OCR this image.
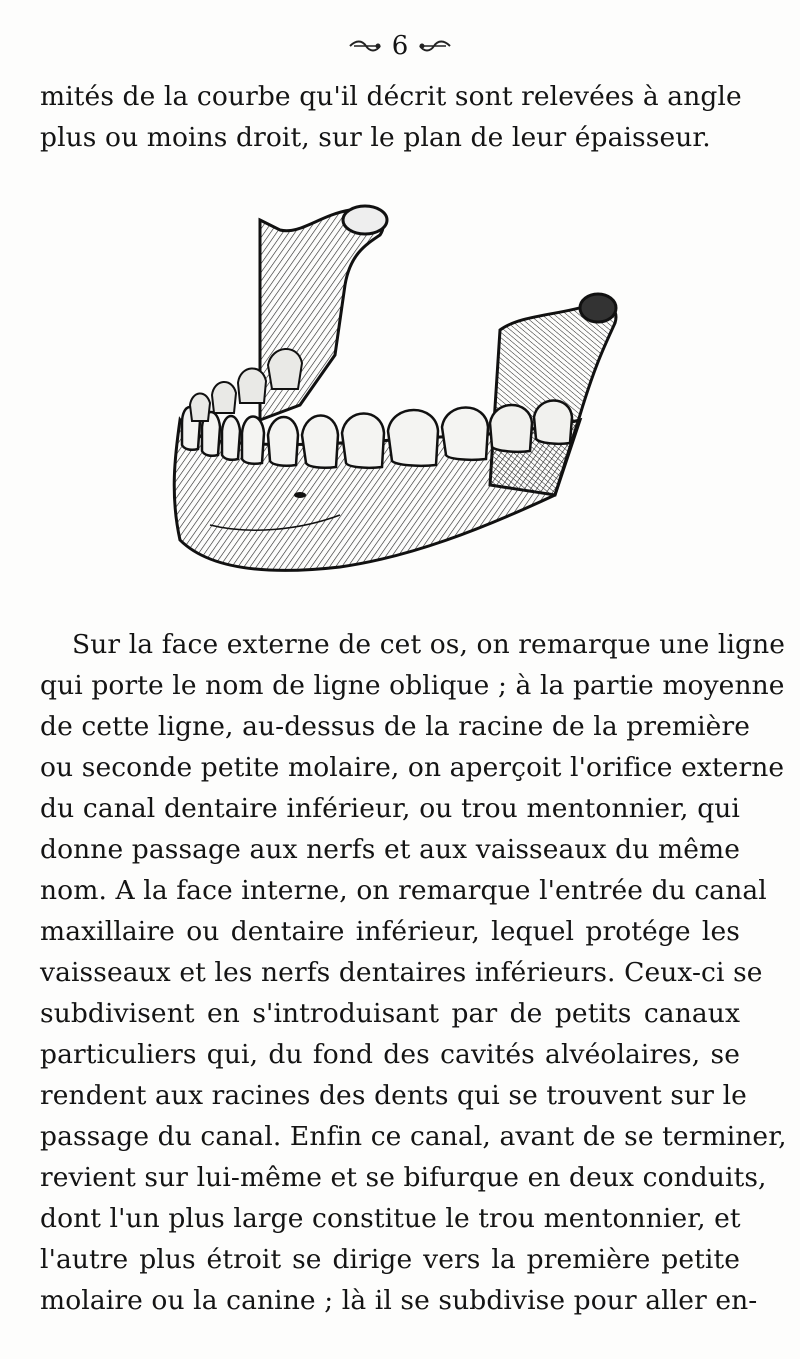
6
mités de la courbe qu'il décrit sont relevées à angle
plus ou moins droit, sur le plan de leur épaisseur.
Sur la face externe de cet os, on remarque une ligne
qui porte le nom de ligne oblique ; à la partie moyenne
de cette ligne, au-dessus de la racine de la première
ou seconde petite molaire, on aperçoit l'orifice externe
du canal dentaire inférieur, ou trou mentonnier, qui
donne passage aux nerfs et aux vaisseaux du même
nom. A la face interne, on remarque l'entrée du canal
maxillaire ou dentaire inférieur, lequel protége les
vaisseaux et les nerfs dentaires inférieurs. Ceux-ci se
subdivisent en s'introduisant par de petits canaux
particuliers qui, du fond des cavités alvéolaires, se
rendent aux racines des dents qui se trouvent sur le
passage du canal. Enfin ce canal, avant de se terminer,
revient sur lui-même et se bifurque en deux conduits,
dont l'un plus large constitue le trou mentonnier, et
l'autre plus étroit se dirige vers la première petite
molaire ou la canine ; là il se subdivise pour aller en-
